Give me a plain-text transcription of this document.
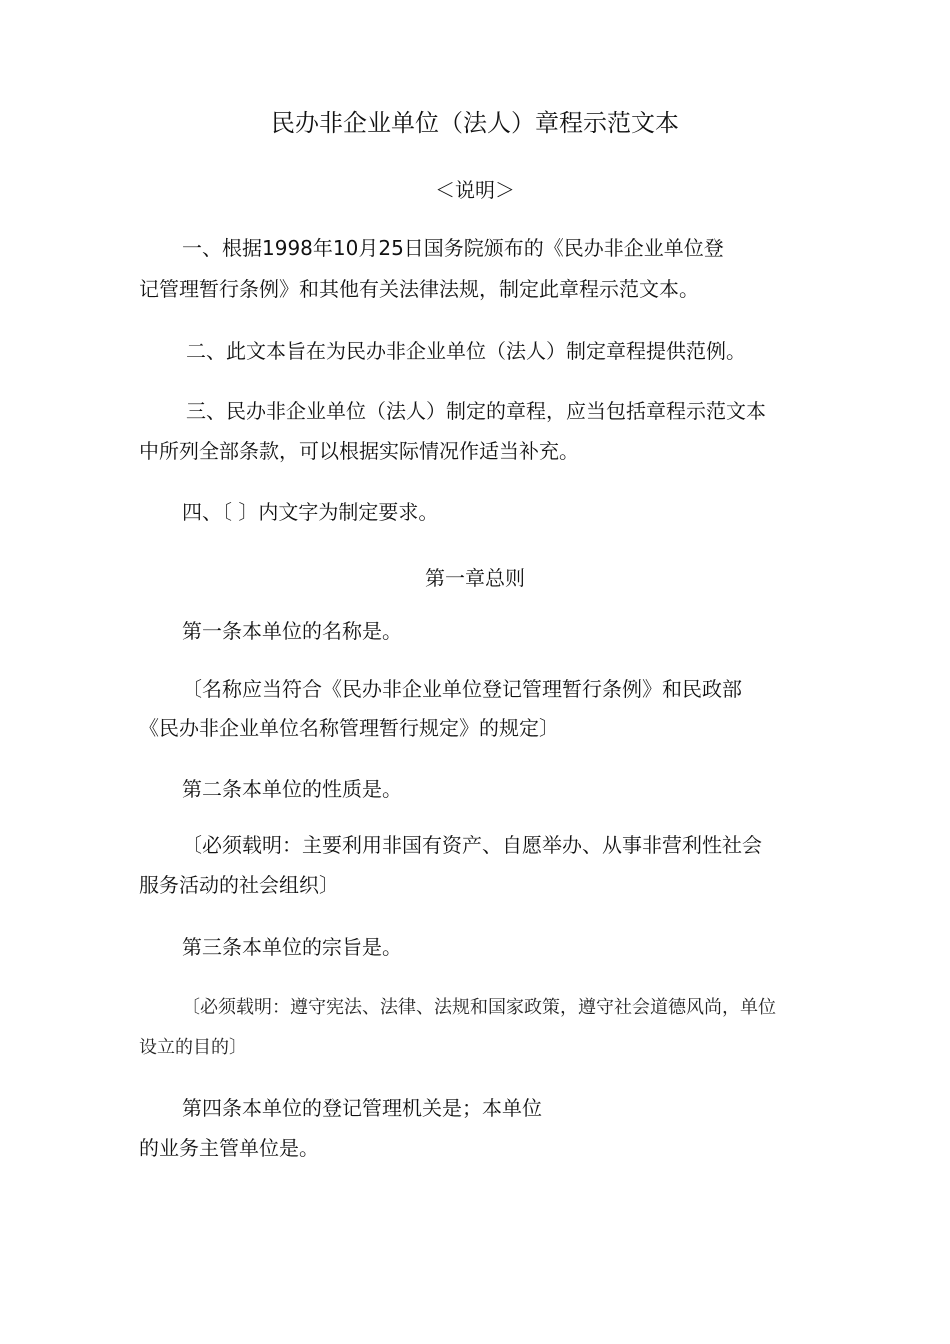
民办非企业单位（法人）章程示范文本
＜说明＞
一、根据1998年10月25日国务院颁布的《民办非企业单位登
记管理暂行条例》和其他有关法律法规，制定此章程示范文本。
二、此文本旨在为民办非企业单位（法人）制定章程提供范例。
三、民办非企业单位（法人）制定的章程，应当包括章程示范文本
中所列全部条款，可以根据实际情况作适当补充。
四、〔 〕内文字为制定要求。
第一章总则
第一条本单位的名称是。
〔名称应当符合《民办非企业单位登记管理暂行条例》和民政部
《民办非企业单位名称管理暂行规定》的规定〕
第二条本单位的性质是。
〔必须载明：主要利用非国有资产、自愿举办、从事非营利性社会
服务活动的社会组织〕
第三条本单位的宗旨是。
〔必须载明：遵守宪法、法律、法规和国家政策，遵守社会道德风尚，单位
设立的目的〕
第四条本单位的登记管理机关是；本单位
的业务主管单位是。
